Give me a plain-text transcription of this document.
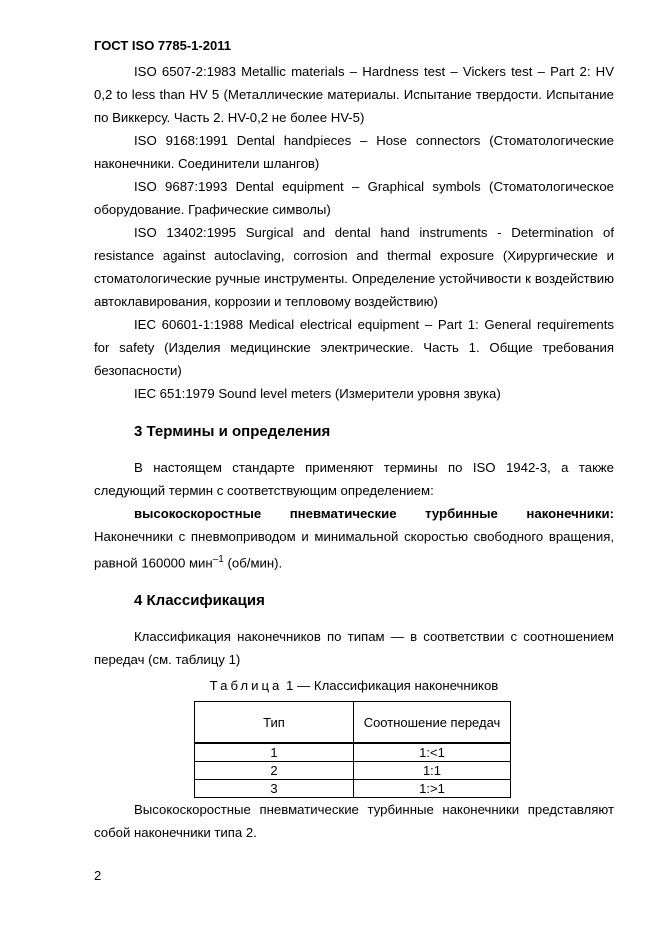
ГОСТ ISO 7785-1-2011

ISO 6507-2:1983 Metallic materials – Hardness test – Vickers test – Part 2: HV 0,2 to less than HV 5 (Металлические материалы. Испытание твердости. Испытание по Виккерсу. Часть 2. HV-0,2 не более HV-5)

ISO 9168:1991 Dental handpieces – Hose connectors (Стоматологические наконечники. Соединители шлангов)

ISO 9687:1993 Dental equipment – Graphical symbols (Стоматологическое оборудование. Графические символы)

ISO 13402:1995 Surgical and dental hand instruments - Determination of resistance against autoclaving, corrosion and thermal exposure (Хирургические и стоматологические ручные инструменты. Определение устойчивости к воздействию автоклавирования, коррозии и тепловому воздействию)

IEC 60601-1:1988 Medical electrical equipment – Part 1: General requirements for safety (Изделия медицинские электрические. Часть 1. Общие требования безопасности)

IEC 651:1979 Sound level meters (Измерители уровня звука)

3 Термины и определения

В настоящем стандарте применяют термины по ISO 1942-3, а также следующий термин с соответствующим определением:

высокоскоростные пневматические турбинные наконечники:

Наконечники с пневмоприводом и минимальной скоростью свободного вращения, равной 160000 мин$^{-1}$ (об/мин).

4 Классификация

Классификация наконечников по типам — в соответствии с соотношением передач (см. таблицу 1)

Таблица 1 — Классификация наконечников

Тип	Соотношение передач
1	1:<1
2	1:1
3	1:>1

Высокоскоростные пневматические турбинные наконечники представляют собой наконечники типа 2.

2
